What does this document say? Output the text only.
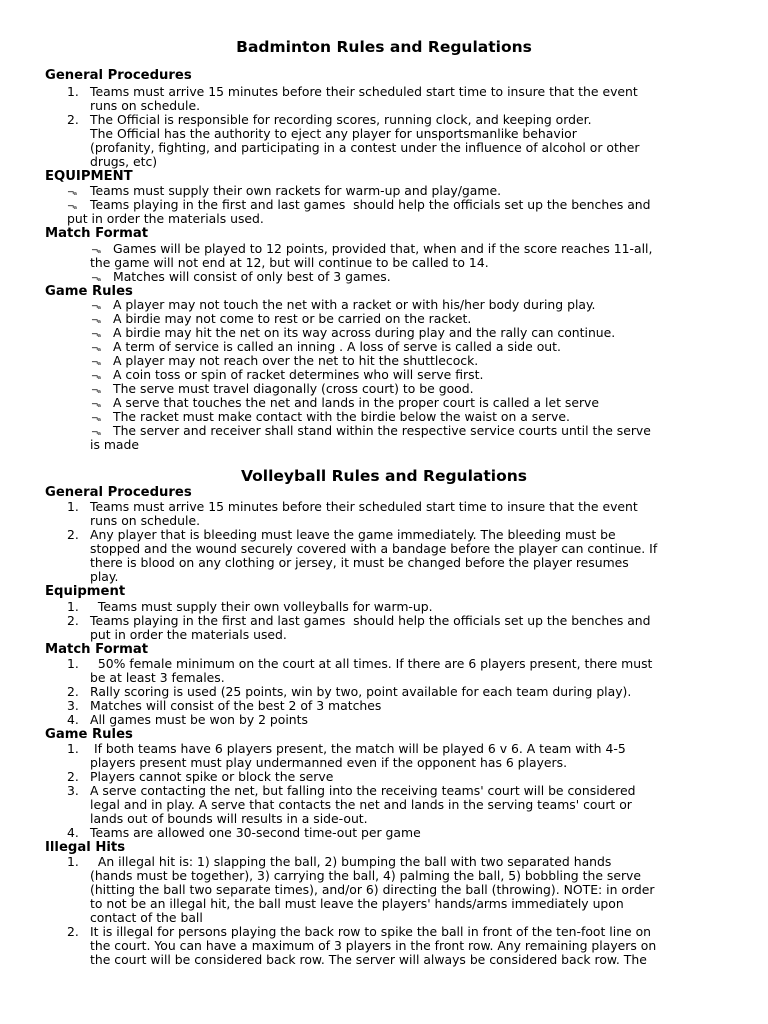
Badminton Rules and Regulations
General Procedures
1. Teams must arrive 15 minutes before their scheduled start time to insure that the event
runs on schedule.
2. The Official is responsible for recording scores, running clock, and keeping order.
The Official has the authority to eject any player for unsportsmanlike behavior
(profanity, fighting, and participating in a contest under the influence of alcohol or other
drugs, etc)
EQUIPMENT
¬ₐ	Teams must supply their own rackets for warm-up and play/game.
¬ₐ	Teams playing in the first and last games  should help the officials set up the benches and
put in order the materials used.
Match Format
¬ₐ	Games will be played to 12 points, provided that, when and if the score reaches 11-all,
the game will not end at 12, but will continue to be called to 14.
¬ₐ	Matches will consist of only best of 3 games.
Game Rules
¬ₐ	A player may not touch the net with a racket or with his/her body during play.
¬ₐ	A birdie may not come to rest or be carried on the racket.
¬ₐ	A birdie may hit the net on its way across during play and the rally can continue.
¬ₐ	A term of service is called an inning . A loss of serve is called a side out.
¬ₐ	A player may not reach over the net to hit the shuttlecock.
¬ₐ	A coin toss or spin of racket determines who will serve first.
¬ₐ	The serve must travel diagonally (cross court) to be good.
¬ₐ	A serve that touches the net and lands in the proper court is called a let serve
¬ₐ	The racket must make contact with the birdie below the waist on a serve.
¬ₐ	The server and receiver shall stand within the respective service courts until the serve
is made
Volleyball Rules and Regulations
General Procedures
1. Teams must arrive 15 minutes before their scheduled start time to insure that the event
runs on schedule.
2. Any player that is bleeding must leave the game immediately. The bleeding must be
stopped and the wound securely covered with a bandage before the player can continue. If
there is blood on any clothing or jersey, it must be changed before the player resumes
play.
Equipment
1. Teams must supply their own volleyballs for warm-up.
2. Teams playing in the first and last games  should help the officials set up the benches and
put in order the materials used.
Match Format
1. 50% female minimum on the court at all times. If there are 6 players present, there must
be at least 3 females.
2. Rally scoring is used (25 points, win by two, point available for each team during play).
3. Matches will consist of the best 2 of 3 matches
4. All games must be won by 2 points
Game Rules
1. If both teams have 6 players present, the match will be played 6 v 6. A team with 4-5
players present must play undermanned even if the opponent has 6 players.
2. Players cannot spike or block the serve
3. A serve contacting the net, but falling into the receiving teams' court will be considered
legal and in play. A serve that contacts the net and lands in the serving teams' court or
lands out of bounds will results in a side-out.
4. Teams are allowed one 30-second time-out per game
Illegal Hits
1. An illegal hit is: 1) slapping the ball, 2) bumping the ball with two separated hands
(hands must be together), 3) carrying the ball, 4) palming the ball, 5) bobbling the serve
(hitting the ball two separate times), and/or 6) directing the ball (throwing). NOTE: in order
to not be an illegal hit, the ball must leave the players' hands/arms immediately upon
contact of the ball
2. It is illegal for persons playing the back row to spike the ball in front of the ten-foot line on
the court. You can have a maximum of 3 players in the front row. Any remaining players on
the court will be considered back row. The server will always be considered back row. The
